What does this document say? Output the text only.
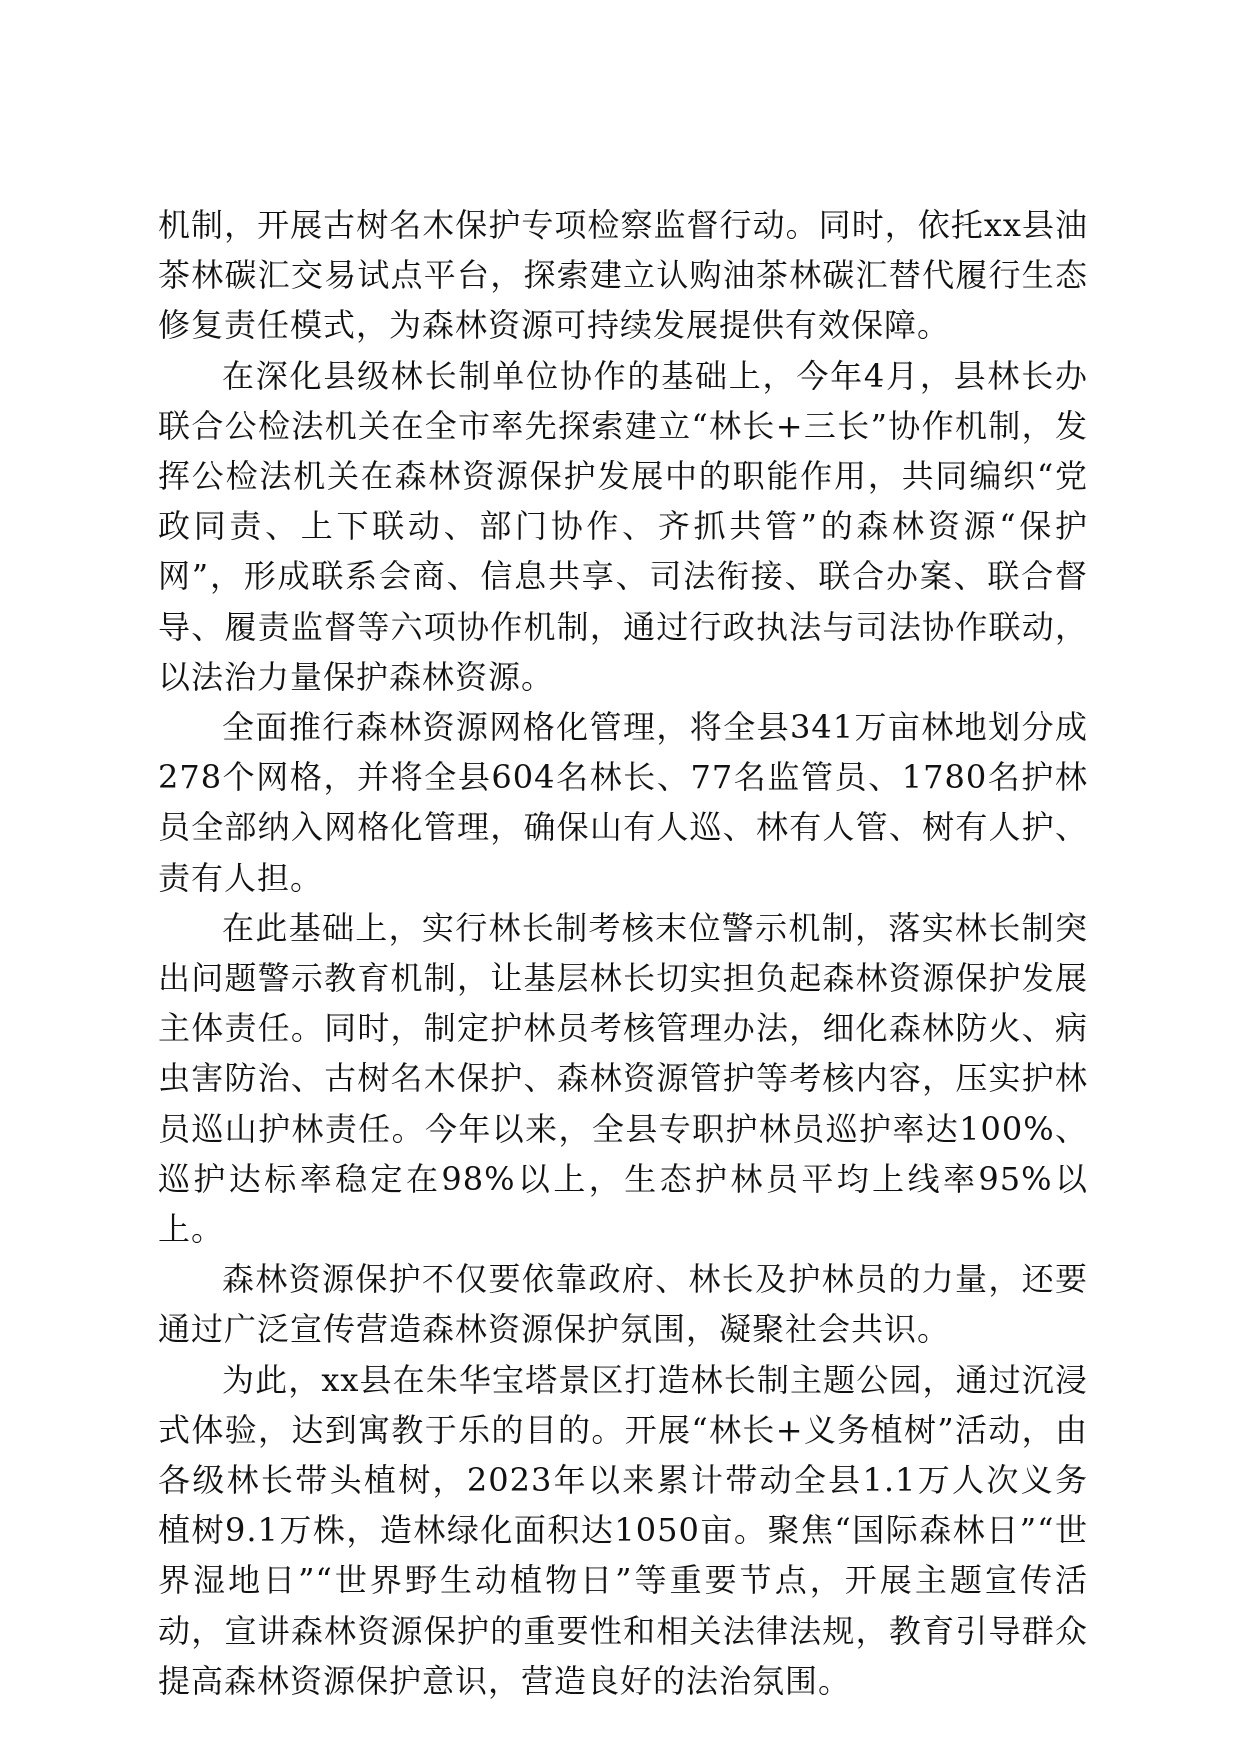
机制，开展古树名木保护专项检察监督行动。同时，依托xx县油茶林碳汇交易试点平台，探索建立认购油茶林碳汇替代履行生态修复责任模式，为森林资源可持续发展提供有效保障。

在深化县级林长制单位协作的基础上，今年4月，县林长办联合公检法机关在全市率先探索建立“林长+三长”协作机制，发挥公检法机关在森林资源保护发展中的职能作用，共同编织“党政同责、上下联动、部门协作、齐抓共管”的森林资源“保护网”，形成联系会商、信息共享、司法衔接、联合办案、联合督导、履责监督等六项协作机制，通过行政执法与司法协作联动，以法治力量保护森林资源。

全面推行森林资源网格化管理，将全县341万亩林地划分成278个网格，并将全县604名林长、77名监管员、1780名护林员全部纳入网格化管理，确保山有人巡、林有人管、树有人护、责有人担。

在此基础上，实行林长制考核末位警示机制，落实林长制突出问题警示教育机制，让基层林长切实担负起森林资源保护发展主体责任。同时，制定护林员考核管理办法，细化森林防火、病虫害防治、古树名木保护、森林资源管护等考核内容，压实护林员巡山护林责任。今年以来，全县专职护林员巡护率达100%、巡护达标率稳定在98%以上，生态护林员平均上线率95%以上。

森林资源保护不仅要依靠政府、林长及护林员的力量，还要通过广泛宣传营造森林资源保护氛围，凝聚社会共识。

为此，xx县在朱华宝塔景区打造林长制主题公园，通过沉浸式体验，达到寓教于乐的目的。开展“林长+义务植树”活动，由各级林长带头植树，2023年以来累计带动全县1.1万人次义务植树9.1万株，造林绿化面积达1050亩。聚焦“国际森林日”“世界湿地日”“世界野生动植物日”等重要节点，开展主题宣传活动，宣讲森林资源保护的重要性和相关法律法规，教育引导群众提高森林资源保护意识，营造良好的法治氛围。
